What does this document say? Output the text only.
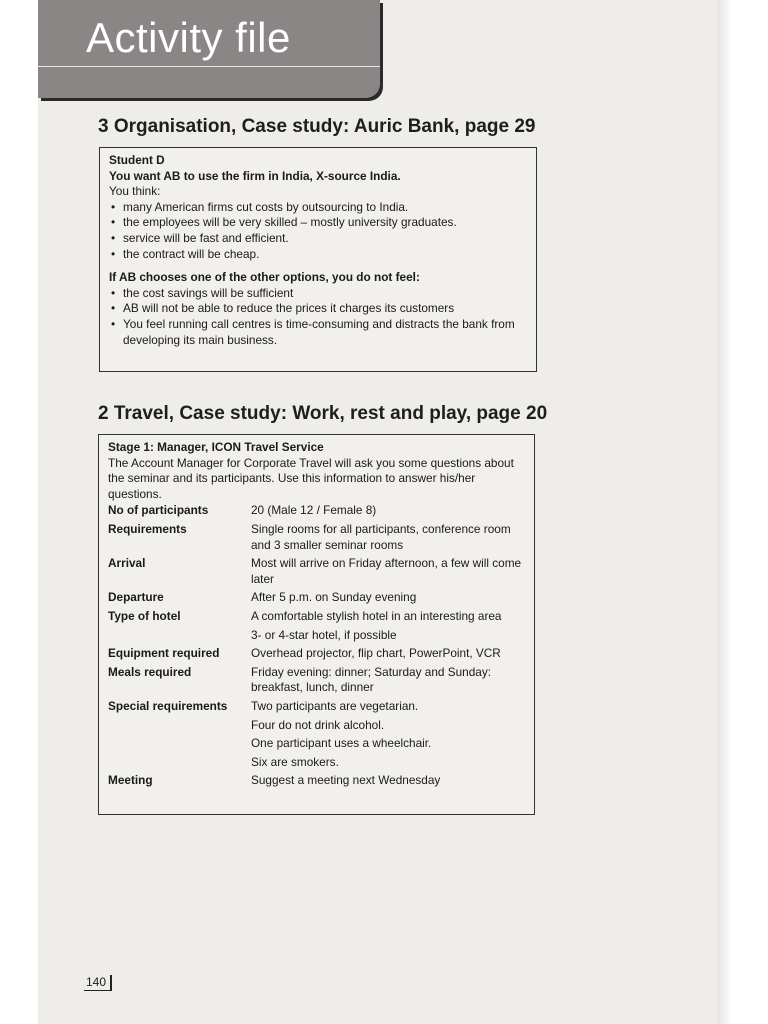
Activity file
3 Organisation, Case study: Auric Bank, page 29

Student D

You want AB to use the firm in India, X-source India.

You think:

• many American firms cut costs by outsourcing to India.
• the employees will be very skilled – mostly university graduates.
• service will be fast and efficient.
• the contract will be cheap.

If AB chooses one of the other options, you do not feel:

• the cost savings will be sufficient
• AB will not be able to reduce the prices it charges its customers
• You feel running call centres is time-consuming and distracts the bank from developing its main business.
2 Travel, Case study: Work, rest and play, page 20

Stage 1: Manager, ICON Travel Service

The Account Manager for Corporate Travel will ask you some questions about the seminar and its participants. Use this information to answer his/her questions.

No of participants	20 (Male 12 / Female 8)
Requirements	Single rooms for all participants, conference room and 3 smaller seminar rooms
Arrival	Most will arrive on Friday afternoon, a few will come later
Departure	After 5 p.m. on Sunday evening
Type of hotel	A comfortable stylish hotel in an interesting area
	3- or 4-star hotel, if possible
Equipment required	Overhead projector, flip chart, PowerPoint, VCR
Meals required	Friday evening: dinner; Saturday and Sunday: breakfast, lunch, dinner
Special requirements	Two participants are vegetarian.
	Four do not drink alcohol.
	One participant uses a wheelchair.
	Six are smokers.
Meeting	Suggest a meeting next Wednesday
140
